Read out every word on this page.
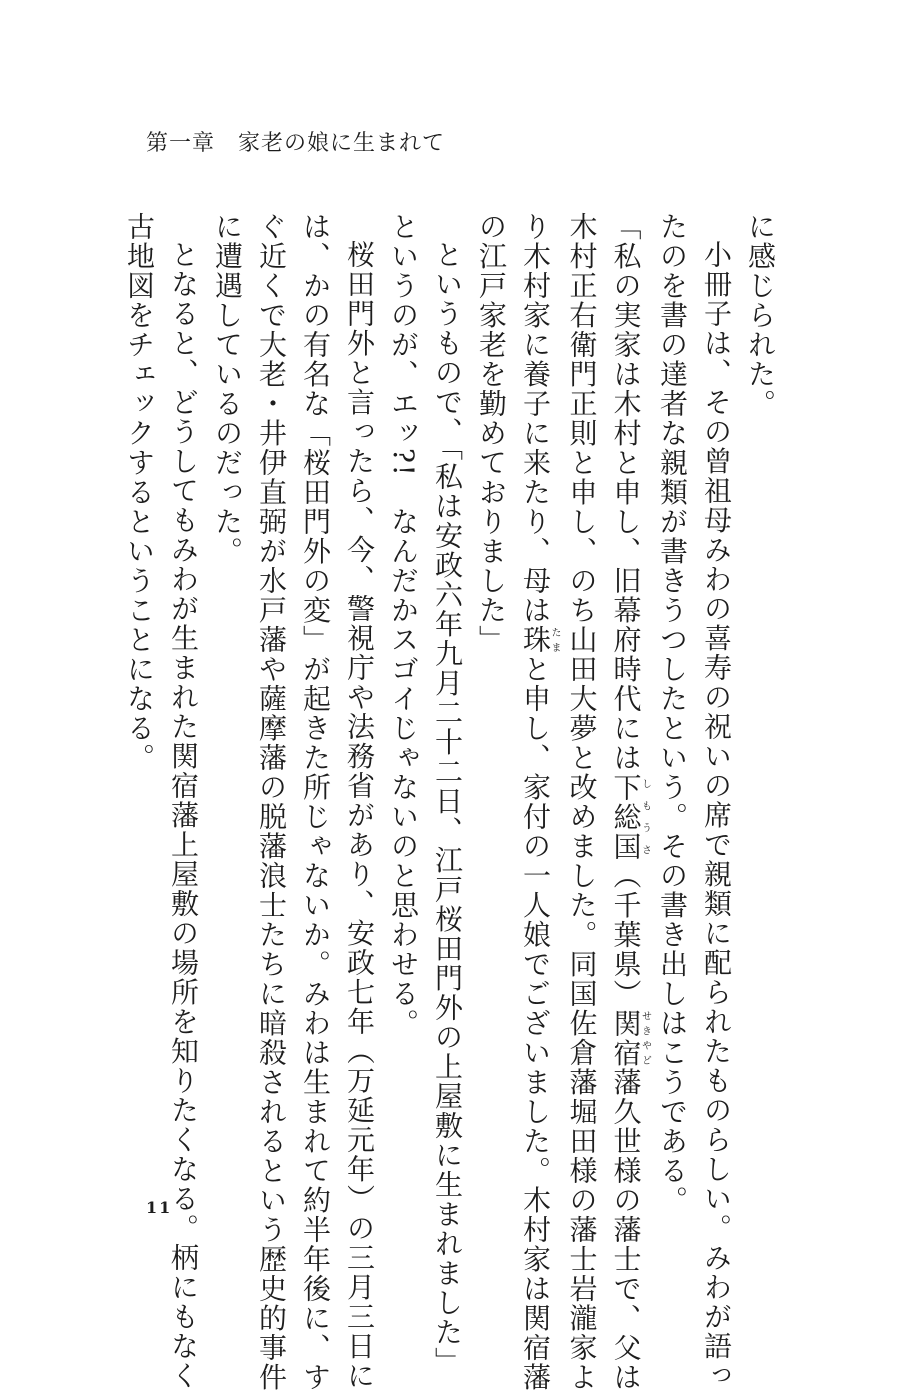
第一章　家老の娘に生まれて

に感じられた。

小冊子は、その曾祖母みわの喜寿の祝いの席で親類に配られたものらしい。みわが語っ

たのを書の達者な親類が書きうつしたという。その書き出しはこうである。

「私の実家は木村と申し、旧幕府時代には下総国しもうさ（千葉県）関宿せきやど藩久世様の藩士で、父は

木村正右衛門正則と申し、のち山田大夢と改めました。同国佐倉藩堀田様の藩士岩瀧家よ

り木村家に養子に来たり、母は珠たまと申し、家付の一人娘でございました。木村家は関宿藩

の江戸家老を勤めておりました」

というもので、「私は安政六年九月二十二日、江戸桜田門外の上屋敷に生まれました」

というのが、エッ?!　なんだかスゴイじゃないのと思わせる。

桜田門外と言ったら、今、警視庁や法務省があり、安政七年（万延元年）の三月三日に

は、かの有名な「桜田門外の変」が起きた所じゃないか。みわは生まれて約半年後に、す

ぐ近くで大老・井伊直弼が水戸藩や薩摩藩の脱藩浪士たちに暗殺されるという歴史的事件

に遭遇しているのだった。

となると、どうしてもみわが生まれた関宿藩上屋敷の場所を知りたくなる。柄にもなく

古地図をチェックするということになる。

11
